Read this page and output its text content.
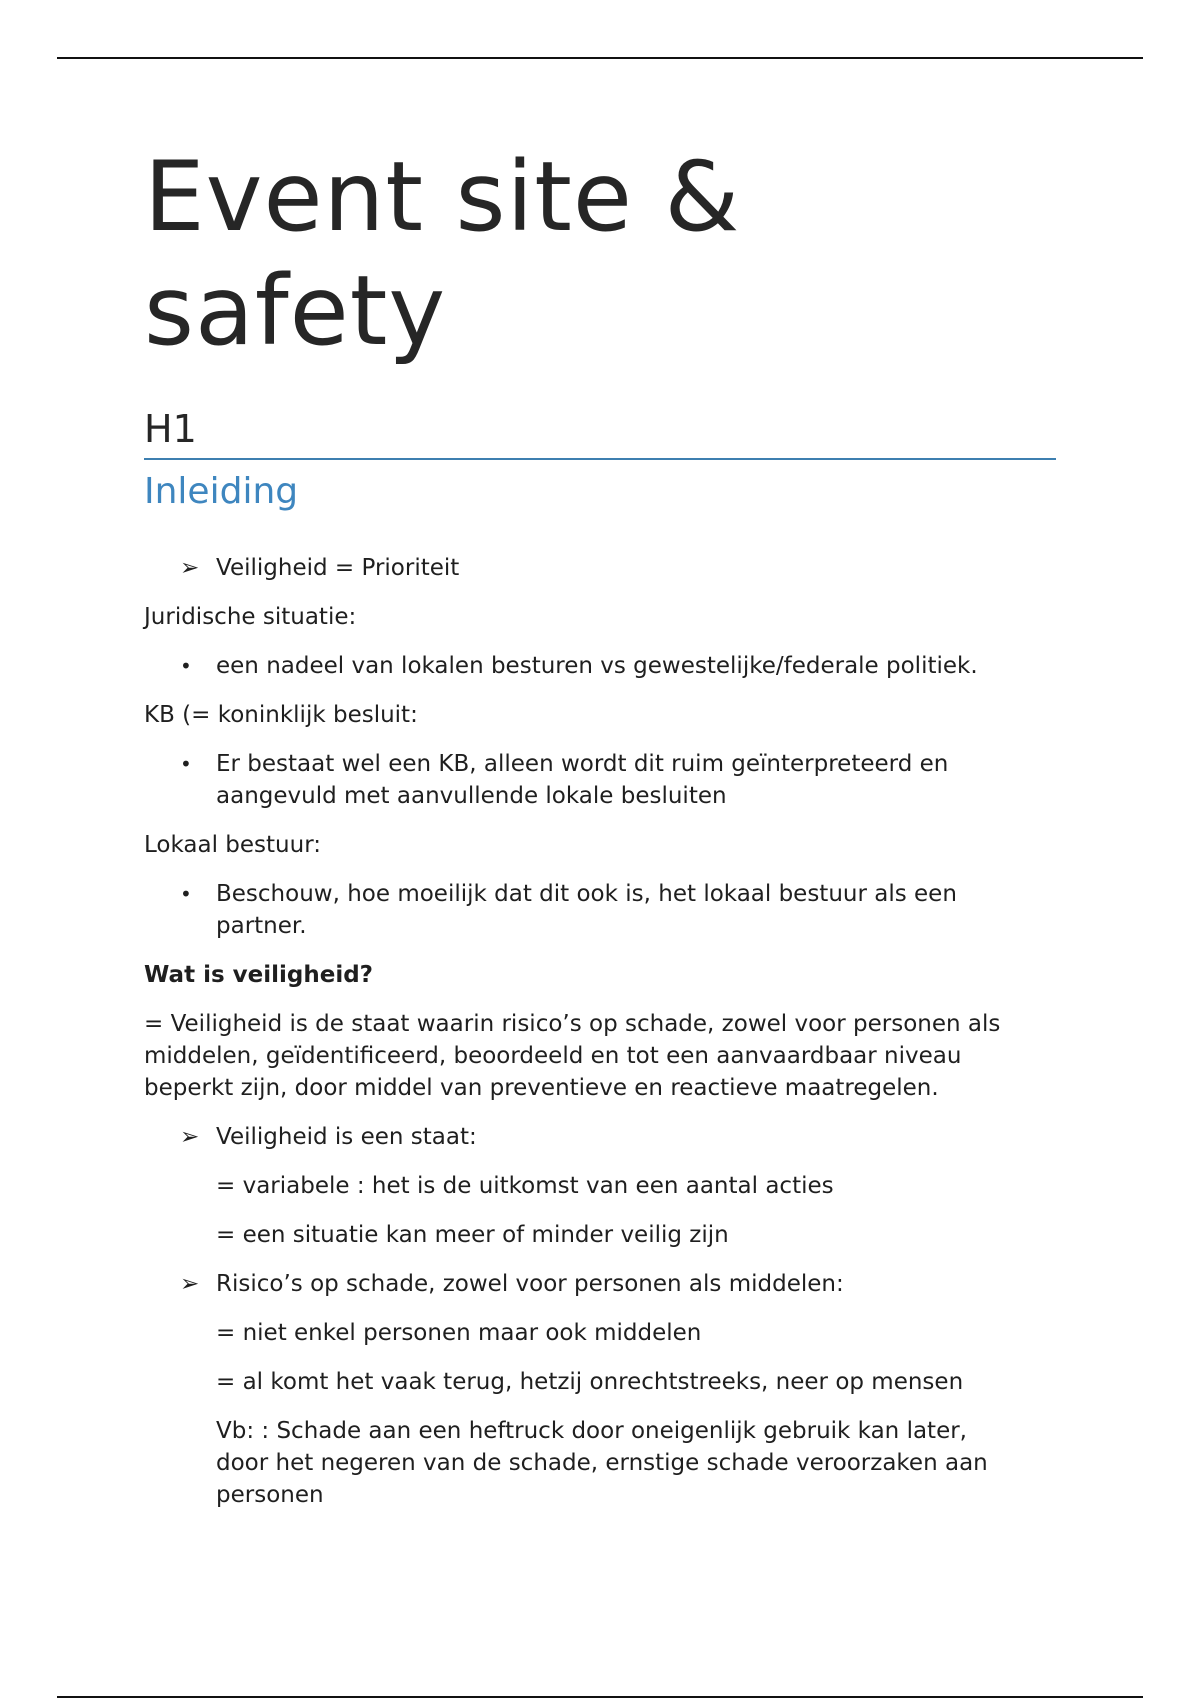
Event site &
safety
H1
Inleiding
➢ Veiligheid = Prioriteit

Juridische situatie:

• een nadeel van lokalen besturen vs gewestelijke/federale politiek.

KB (= koninklijk besluit:

• Er bestaat wel een KB, alleen wordt dit ruim geïnterpreteerd en
aangevuld met aanvullende lokale besluiten

Lokaal bestuur:

• Beschouw, hoe moeilijk dat dit ook is, het lokaal bestuur als een
partner.

Wat is veiligheid?

= Veiligheid is de staat waarin risico’s op schade, zowel voor personen als
middelen, geïdentificeerd, beoordeeld en tot een aanvaardbaar niveau
beperkt zijn, door middel van preventieve en reactieve maatregelen.

➢ Veiligheid is een staat:
= variabele : het is de uitkomst van een aantal acties
= een situatie kan meer of minder veilig zijn
➢ Risico’s op schade, zowel voor personen als middelen:
= niet enkel personen maar ook middelen
= al komt het vaak terug, hetzij onrechtstreeks, neer op mensen
Vb: : Schade aan een heftruck door oneigenlijk gebruik kan later,
door het negeren van de schade, ernstige schade veroorzaken aan
personen
